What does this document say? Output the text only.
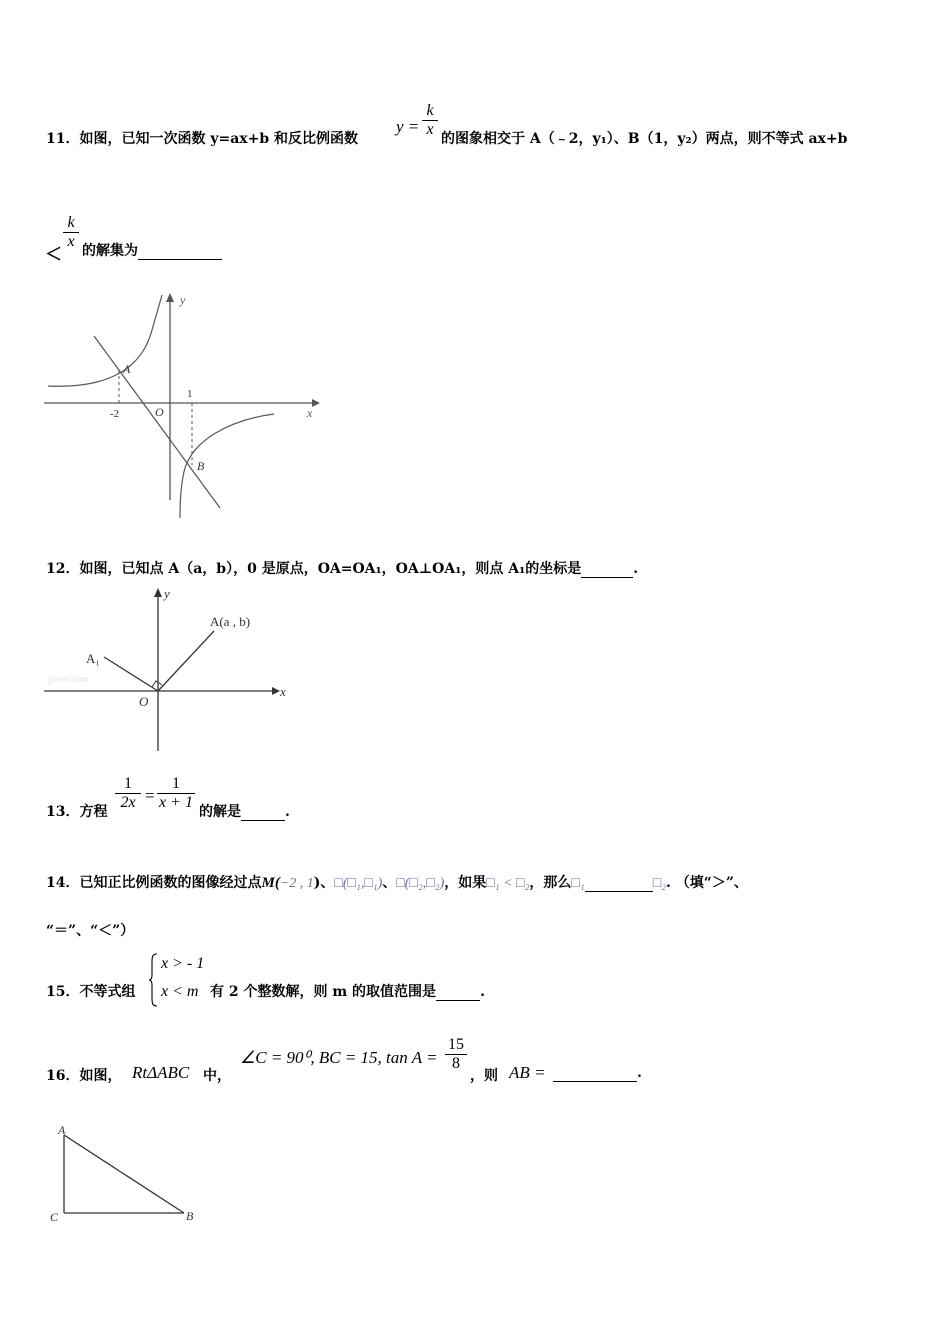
11．如图，已知一次函数 y=ax+b 和反比例函数
$y = \frac{k}{x}$ 的图象相交于 A（﹣2，y₁）、B（1，y₂）两点，则不等式 ax+b
＜
$\frac{k}{x}$ 的解集为
y
x
O
-2
1
A
B
12．如图，已知点 A（a，b），0 是原点，OA=OA₁，OA⊥OA₁，则点 A₁的坐标是	.
y
x
O
A(a , b)
A₁
jyeoo.com
13．方程 $\frac{1}{2x} = \frac{1}{x + 1}$ 的解是	.
14．已知正比例函数的图像经过点M(−2 , 1)、□(□₁,□₁)、□(□₂,□₂)，如果□₁ < □₂，那么□₁	□₂. （填“＞”、
“＝”、“＜”）
15．不等式组
x > - 1
x < m 有 2 个整数解，则 m 的取值范围是	.
16．如图， RtΔABC 中，
∠C = 90⁰, BC = 15, $\tan A = \frac{15}{8}$
，则 AB =	.
A
C	B
